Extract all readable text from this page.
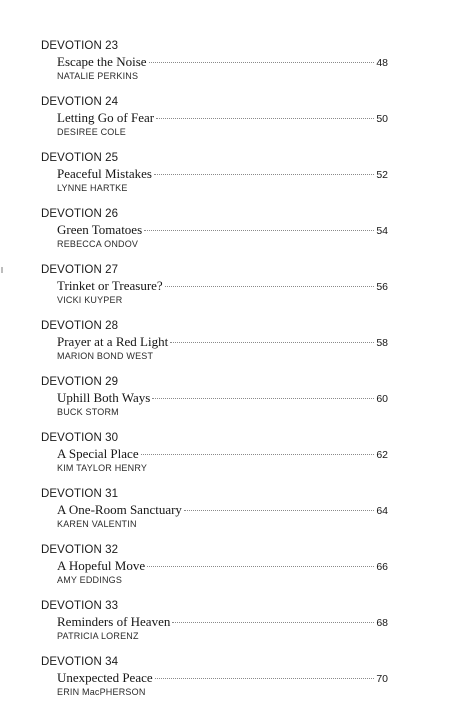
DEVOTION 23
Escape the Noise	48
NATALIE PERKINS
DEVOTION 24
Letting Go of Fear	50
DESIREE COLE
DEVOTION 25
Peaceful Mistakes	52
LYNNE HARTKE
DEVOTION 26
Green Tomatoes	54
REBECCA ONDOV
DEVOTION 27
Trinket or Treasure?	56
VICKI KUYPER
DEVOTION 28
Prayer at a Red Light	58
MARION BOND WEST
DEVOTION 29
Uphill Both Ways	60
BUCK STORM
DEVOTION 30
A Special Place	62
KIM TAYLOR HENRY
DEVOTION 31
A One-Room Sanctuary	64
KAREN VALENTIN
DEVOTION 32
A Hopeful Move	66
AMY EDDINGS
DEVOTION 33
Reminders of Heaven	68
PATRICIA LORENZ
DEVOTION 34
Unexpected Peace	70
ERIN MacPHERSON
